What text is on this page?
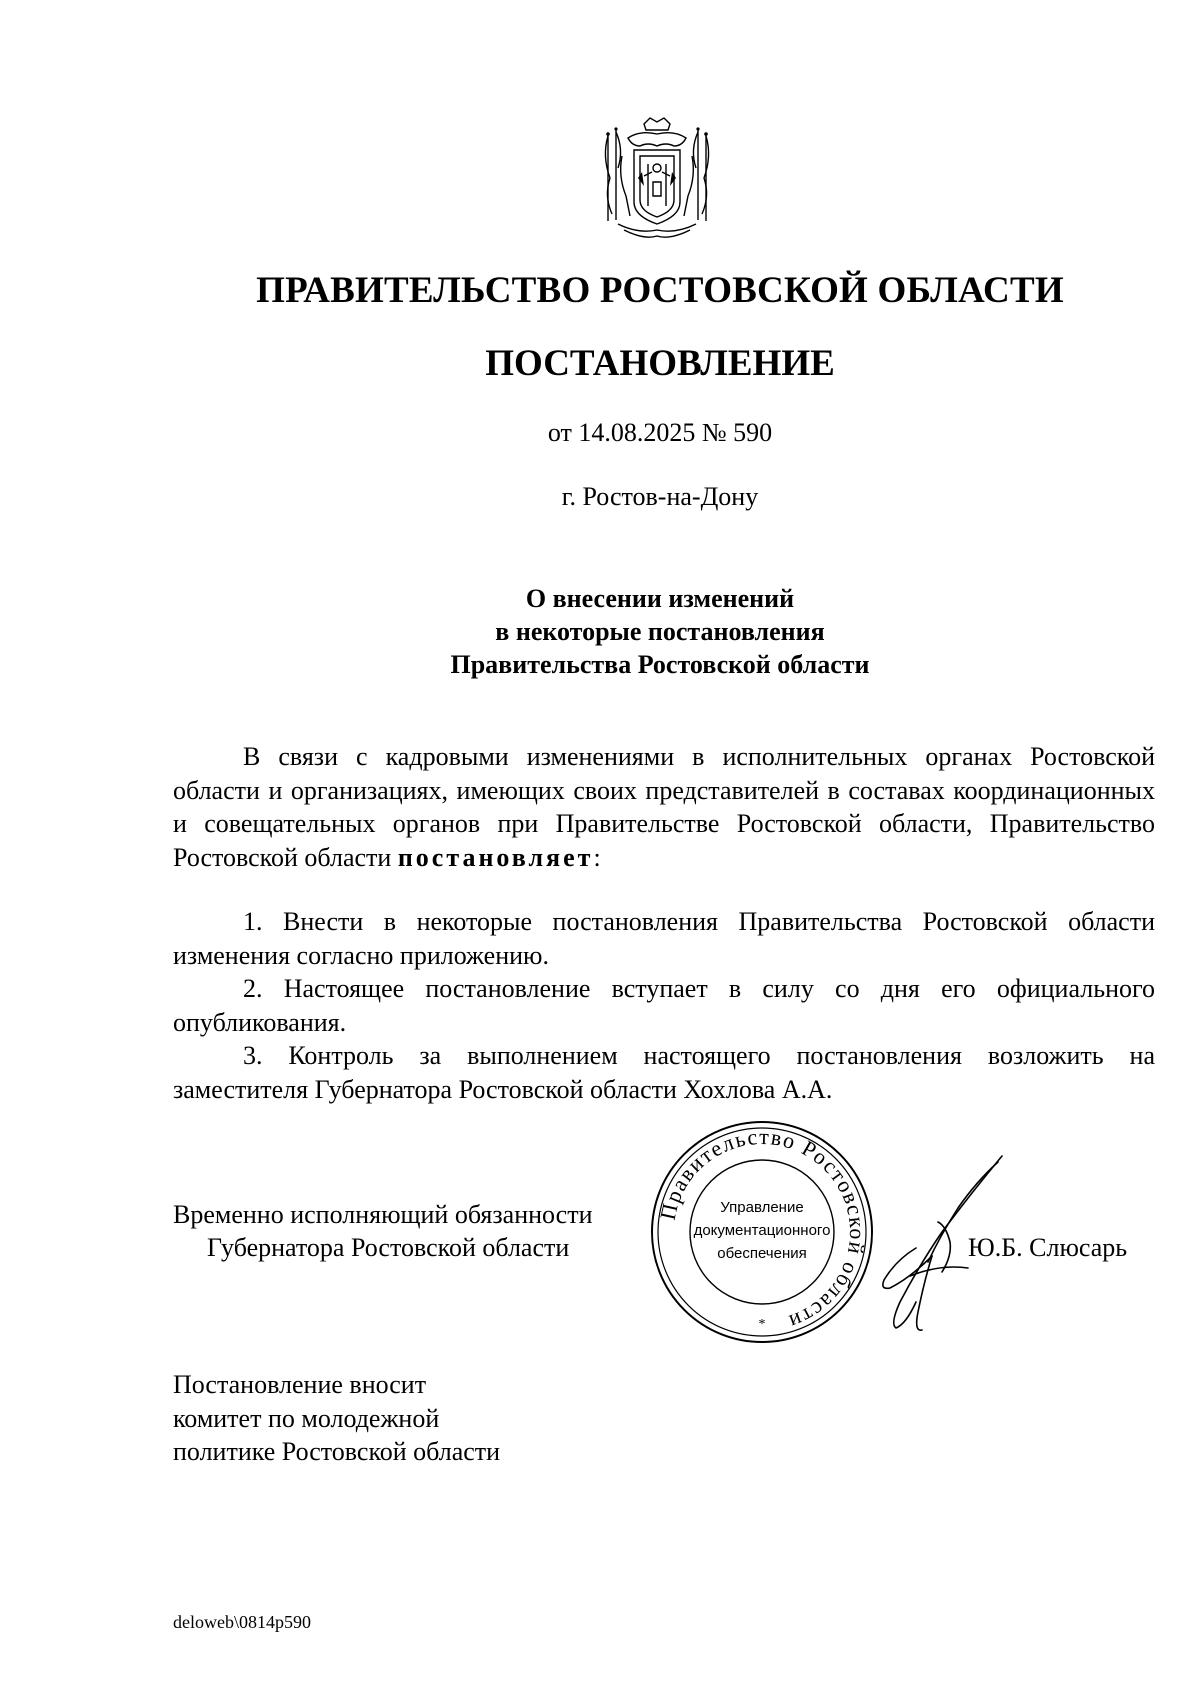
ПРАВИТЕЛЬСТВО РОСТОВСКОЙ ОБЛАСТИ
ПОСТАНОВЛЕНИЕ
от 14.08.2025 № 590
г. Ростов-на-Дону
О внесении изменений
в некоторые постановления
Правительства Ростовской области

В связи с кадровыми изменениями в исполнительных органах Ростовской области и организациях, имеющих своих представителей в составах координационных и совещательных органов при Правительстве Ростовской области, Правительство Ростовской области постановляет:

1. Внести в некоторые постановления Правительства Ростовской области изменения согласно приложению.

2. Настоящее постановление вступает в силу со дня его официального опубликования.

3. Контроль за выполнением настоящего постановления возложить на заместителя Губернатора Ростовской области Хохлова А.А.

Временно исполняющий обязанности
Губернатора Ростовской области
Правительство Ростовской области
Управление
документационного
обеспечения
*
Ю.Б. Слюсарь
Постановление вносит
комитет по молодежной
политике Ростовской области
deloweb\0814p590
